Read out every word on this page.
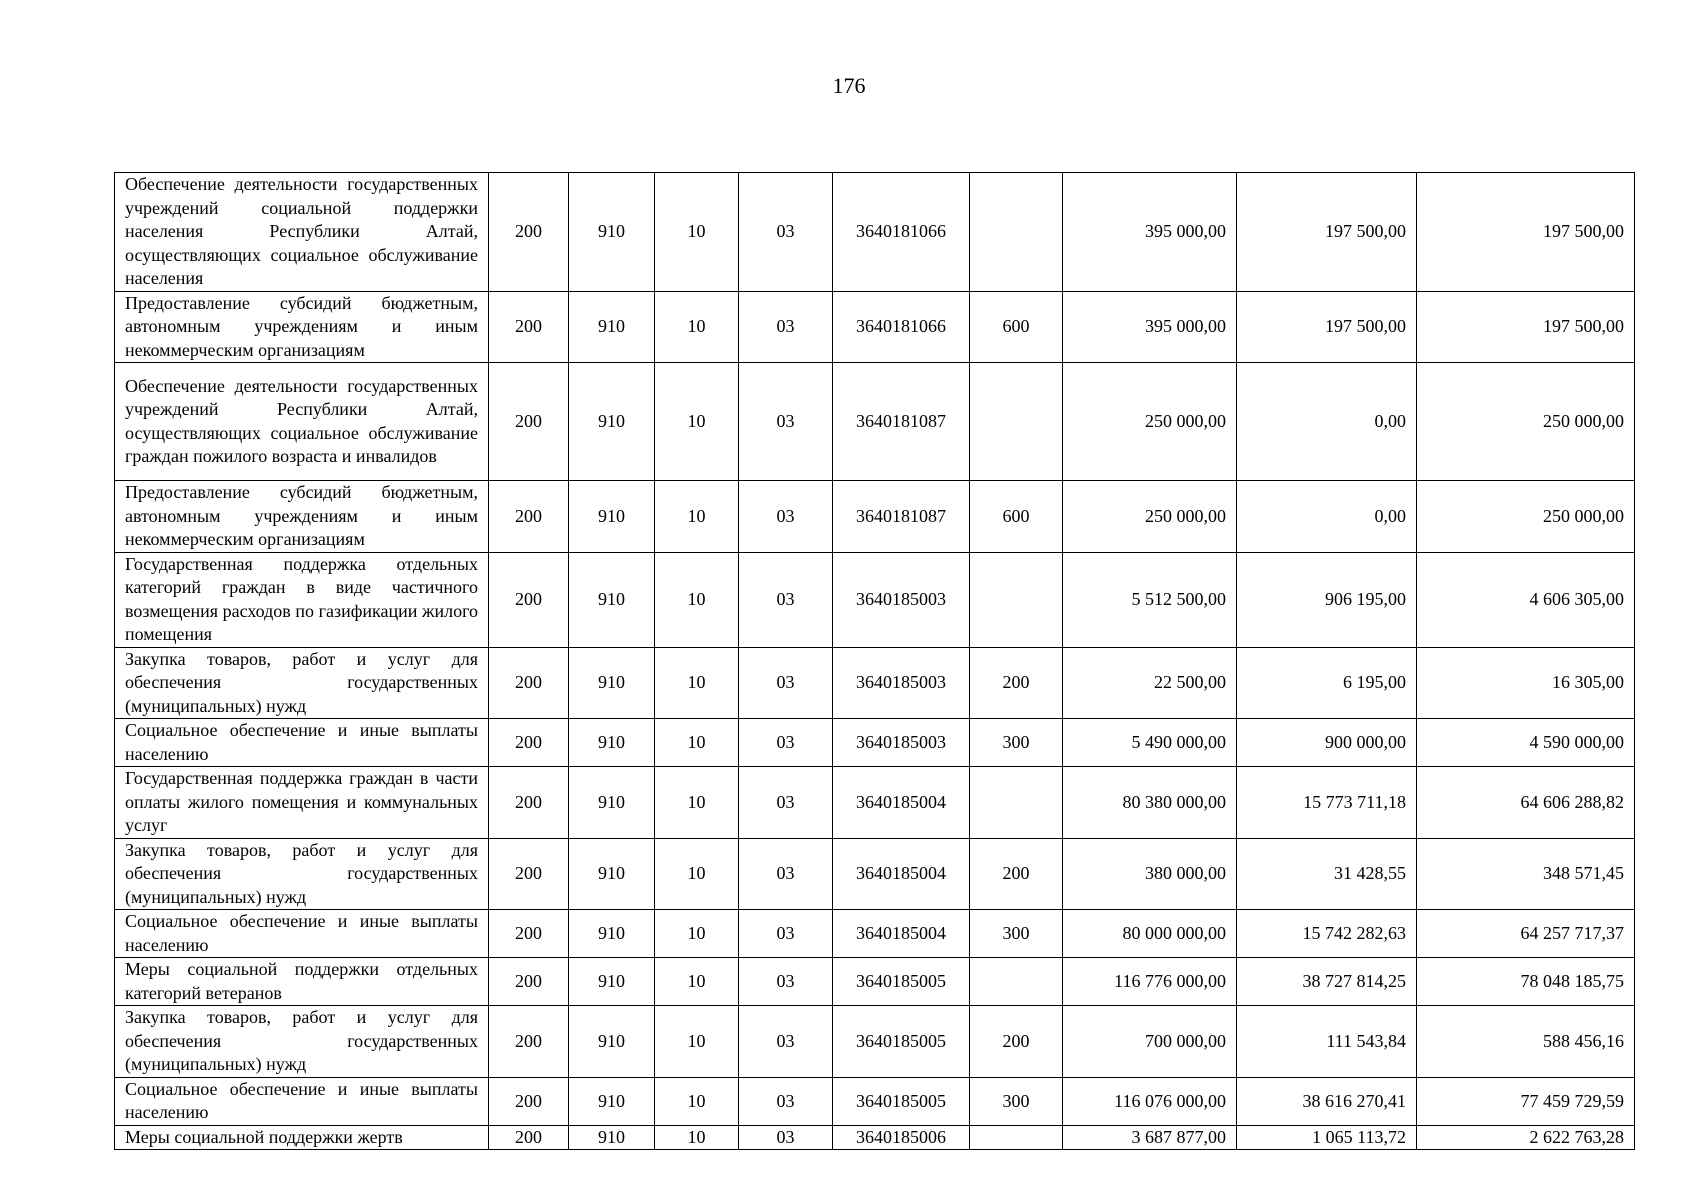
176
Обеспечение деятельности государственных учреждений социальной поддержки населения Республики Алтай, осуществляющих социальное обслуживание населения	200	910	10	03	3640181066		395 000,00	197 500,00	197 500,00
Предоставление субсидий бюджетным, автономным учреждениям и иным некоммерческим организациям	200	910	10	03	3640181066	600	395 000,00	197 500,00	197 500,00
Обеспечение деятельности государственных учреждений Республики Алтай, осуществляющих социальное обслуживание граждан пожилого возраста и инвалидов	200	910	10	03	3640181087		250 000,00	0,00	250 000,00
Предоставление субсидий бюджетным, автономным учреждениям и иным некоммерческим организациям	200	910	10	03	3640181087	600	250 000,00	0,00	250 000,00
Государственная поддержка отдельных категорий граждан в виде частичного возмещения расходов по газификации жилого помещения	200	910	10	03	3640185003		5 512 500,00	906 195,00	4 606 305,00
Закупка товаров, работ и услуг для обеспечения государственных (муниципальных) нужд	200	910	10	03	3640185003	200	22 500,00	6 195,00	16 305,00
Социальное обеспечение и иные выплаты населению	200	910	10	03	3640185003	300	5 490 000,00	900 000,00	4 590 000,00
Государственная поддержка граждан в части оплаты жилого помещения и коммунальных услуг	200	910	10	03	3640185004		80 380 000,00	15 773 711,18	64 606 288,82
Закупка товаров, работ и услуг для обеспечения государственных (муниципальных) нужд	200	910	10	03	3640185004	200	380 000,00	31 428,55	348 571,45
Социальное обеспечение и иные выплаты населению	200	910	10	03	3640185004	300	80 000 000,00	15 742 282,63	64 257 717,37
Меры социальной поддержки отдельных категорий ветеранов	200	910	10	03	3640185005		116 776 000,00	38 727 814,25	78 048 185,75
Закупка товаров, работ и услуг для обеспечения государственных (муниципальных) нужд	200	910	10	03	3640185005	200	700 000,00	111 543,84	588 456,16
Социальное обеспечение и иные выплаты населению	200	910	10	03	3640185005	300	116 076 000,00	38 616 270,41	77 459 729,59
Меры социальной поддержки жертв	200	910	10	03	3640185006		3 687 877,00	1 065 113,72	2 622 763,28
